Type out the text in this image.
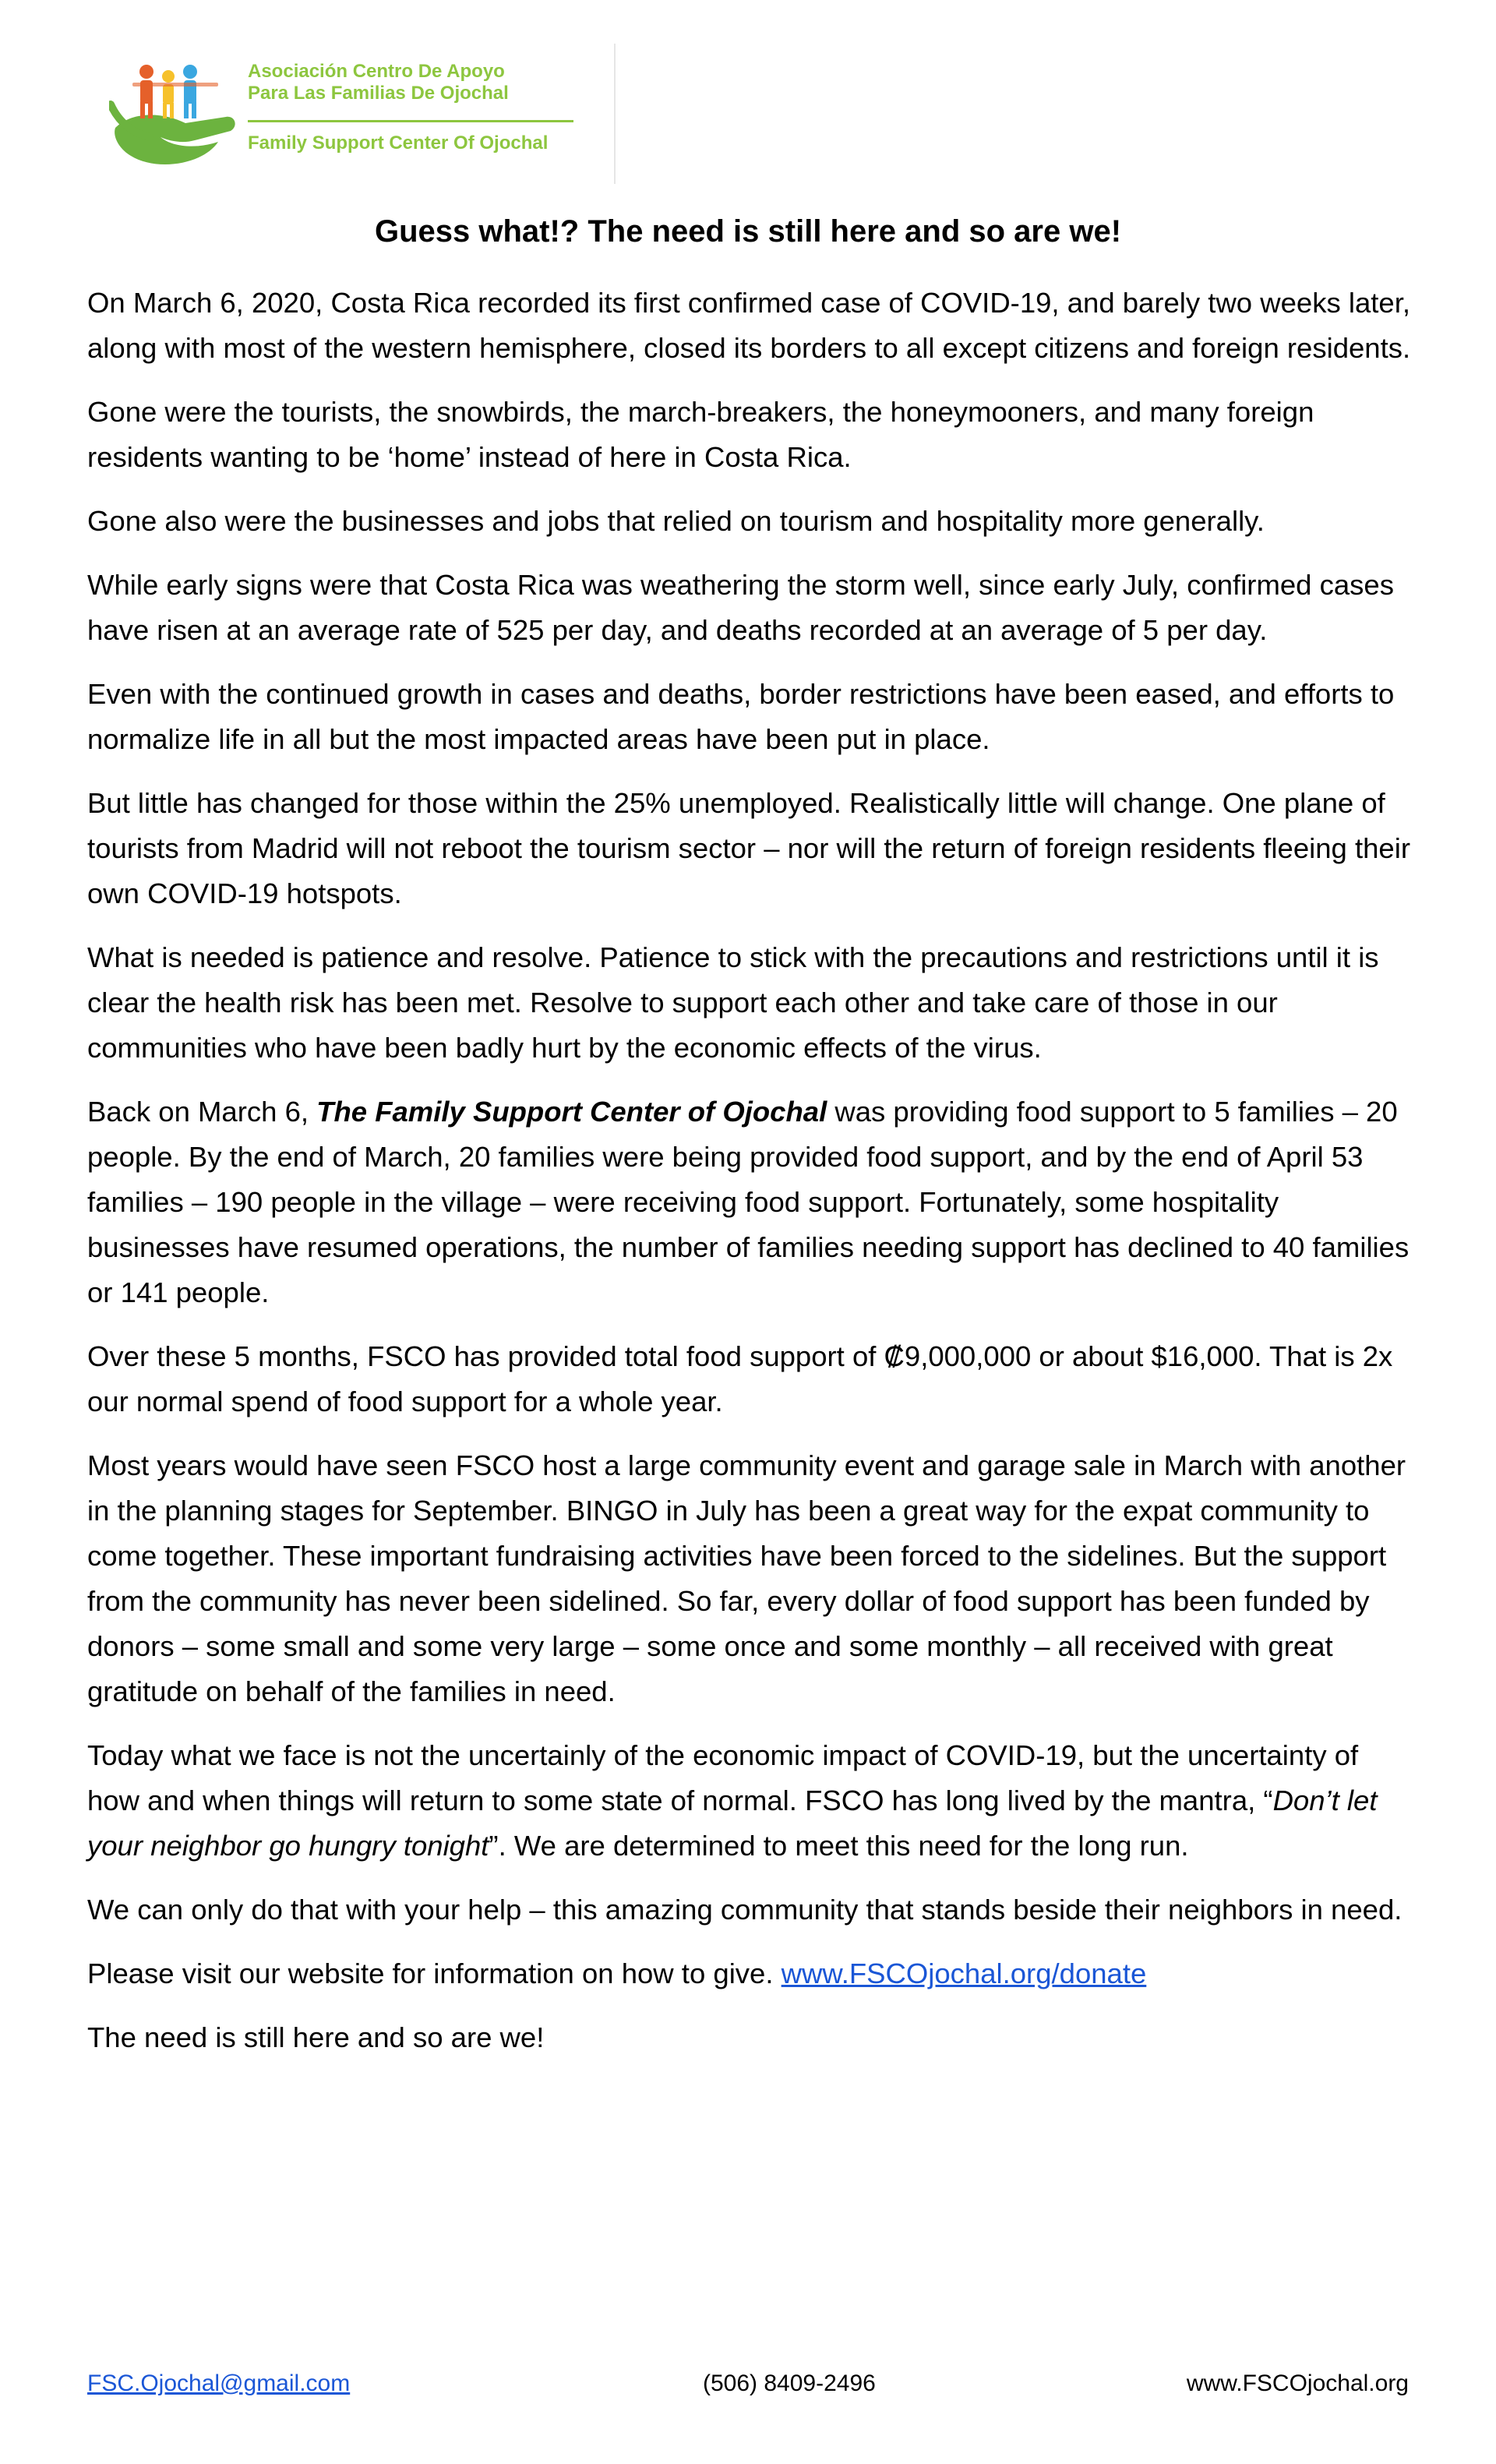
Asociación Centro De Apoyo
Para Las Familias De Ojochal
Family Support Center Of Ojochal
Guess what!? The need is still here and so are we!

On March 6, 2020, Costa Rica recorded its first confirmed case of COVID-19, and barely two weeks later, along with most of the western hemisphere, closed its borders to all except citizens and foreign residents.

Gone were the tourists, the snowbirds, the march-breakers, the honeymooners, and many foreign residents wanting to be ‘home’ instead of here in Costa Rica.

Gone also were the businesses and jobs that relied on tourism and hospitality more generally.

While early signs were that Costa Rica was weathering the storm well, since early July, confirmed cases have risen at an average rate of 525 per day, and deaths recorded at an average of 5 per day.

Even with the continued growth in cases and deaths, border restrictions have been eased, and efforts to normalize life in all but the most impacted areas have been put in place.

But little has changed for those within the 25% unemployed. Realistically little will change. One plane of tourists from Madrid will not reboot the tourism sector – nor will the return of foreign residents fleeing their own COVID-19 hotspots.

What is needed is patience and resolve. Patience to stick with the precautions and restrictions until it is clear the health risk has been met. Resolve to support each other and take care of those in our communities who have been badly hurt by the economic effects of the virus.

Back on March 6, The Family Support Center of Ojochal was providing food support to 5 families – 20 people. By the end of March, 20 families were being provided food support, and by the end of April 53 families – 190 people in the village – were receiving food support. Fortunately, some hospitality businesses have resumed operations, the number of families needing support has declined to 40 families or 141 people.

Over these 5 months, FSCO has provided total food support of ₡9,000,000 or about $16,000. That is 2x our normal spend of food support for a whole year.

Most years would have seen FSCO host a large community event and garage sale in March with another in the planning stages for September. BINGO in July has been a great way for the expat community to come together. These important fundraising activities have been forced to the sidelines. But the support from the community has never been sidelined. So far, every dollar of food support has been funded by donors – some small and some very large – some once and some monthly – all received with great gratitude on behalf of the families in need.

Today what we face is not the uncertainly of the economic impact of COVID-19, but the uncertainty of how and when things will return to some state of normal. FSCO has long lived by the mantra, “Don’t let your neighbor go hungry tonight”. We are determined to meet this need for the long run.

We can only do that with your help – this amazing community that stands beside their neighbors in need.

Please visit our website for information on how to give. www.FSCOjochal.org/donate

The need is still here and so are we!

FSC.Ojochal@gmail.com	(506) 8409-2496	www.FSCOjochal.org
